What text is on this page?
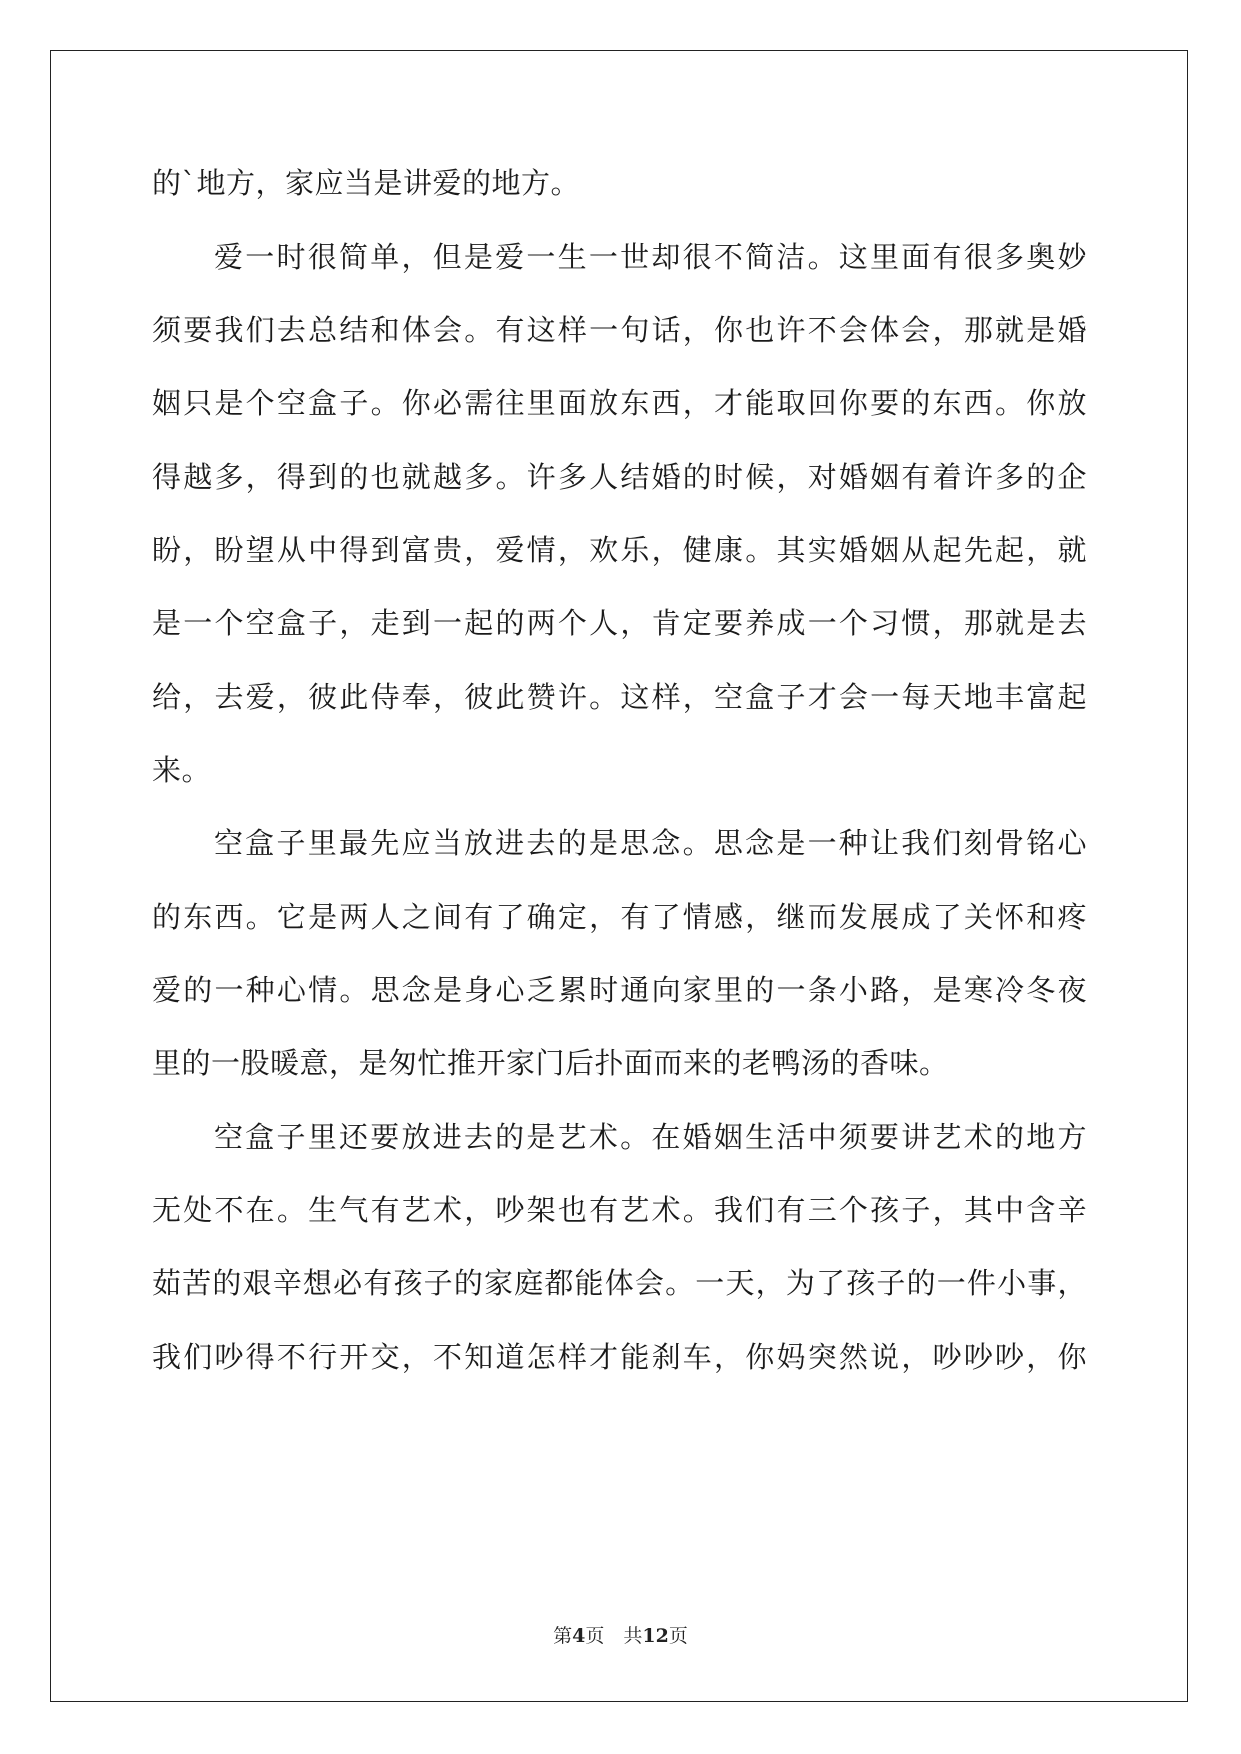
的`地方，家应当是讲爱的地方。
爱一时很简单，但是爱一生一世却很不简洁。这里面有很多奥妙
须要我们去总结和体会。有这样一句话，你也许不会体会，那就是婚
姻只是个空盒子。你必需往里面放东西，才能取回你要的东西。你放
得越多，得到的也就越多。许多人结婚的时候，对婚姻有着许多的企
盼，盼望从中得到富贵，爱情，欢乐，健康。其实婚姻从起先起，就
是一个空盒子，走到一起的两个人，肯定要养成一个习惯，那就是去
给，去爱，彼此侍奉，彼此赞许。这样，空盒子才会一每天地丰富起
来。
空盒子里最先应当放进去的是思念。思念是一种让我们刻骨铭心
的东西。它是两人之间有了确定，有了情感，继而发展成了关怀和疼
爱的一种心情。思念是身心乏累时通向家里的一条小路，是寒冷冬夜
里的一股暖意，是匆忙推开家门后扑面而来的老鸭汤的香味。
空盒子里还要放进去的是艺术。在婚姻生活中须要讲艺术的地方
无处不在。生气有艺术，吵架也有艺术。我们有三个孩子，其中含辛
茹苦的艰辛想必有孩子的家庭都能体会。一天，为了孩子的一件小事，
我们吵得不行开交，不知道怎样才能刹车，你妈突然说，吵吵吵，你
第4页　共12页
